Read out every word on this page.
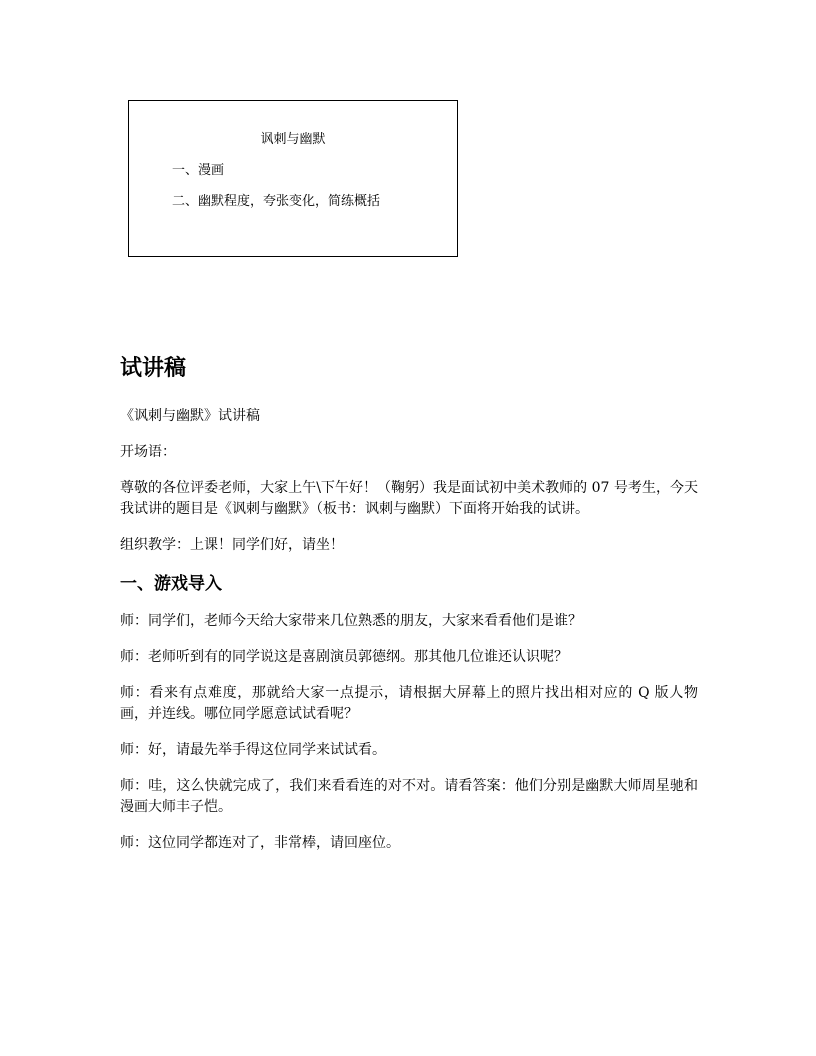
讽刺与幽默
一、漫画
二、幽默程度，夸张变化，简练概括
试讲稿

《讽刺与幽默》试讲稿

开场语：

尊敬的各位评委老师，大家上午\下午好！（鞠躬）我是面试初中美术教师的 07 号考生，今天我试讲的题目是《讽刺与幽默》（板书：讽刺与幽默）下面将开始我的试讲。

组织教学：上课！同学们好，请坐！

一、游戏导入

师：同学们，老师今天给大家带来几位熟悉的朋友，大家来看看他们是谁？

师：老师听到有的同学说这是喜剧演员郭德纲。那其他几位谁还认识呢？

师：看来有点难度，那就给大家一点提示，请根据大屏幕上的照片找出相对应的 Q 版人物画，并连线。哪位同学愿意试试看呢？

师：好，请最先举手得这位同学来试试看。

师：哇，这么快就完成了，我们来看看连的对不对。请看答案：他们分别是幽默大师周星驰和漫画大师丰子恺。

师：这位同学都连对了，非常棒，请回座位。
